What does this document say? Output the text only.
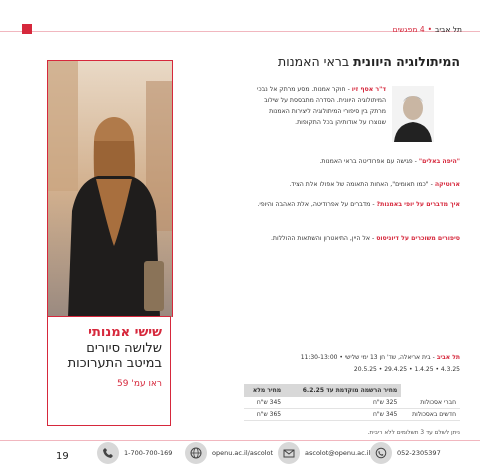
תל אביב•4 מפגשים
שישי אמנותי
שלושה סיורים
במיטב התערוכות
ראו עמ' 59
המיתולוגיה היוונית בראי האמנות
ד"ר אסף זיו - חוקר אמנות. מסע מרתק אל נבכי המיתולוגיה היוונית. הסדרה מתבססת על שילוב מרתק בין סיפורי המיתולוגיה ליצירות האמנות שנוצרו על אודותיהן בכל התקופות.
"היפה באלים" - פגישה עם אפרודיטה בראי האמנות.
ארוטיקה - "כמו תאומים", האחות התאומה של אפולו אלת הציד.
איך מדברים על יופי באמנות? - מדברים על אפרודיטה, אלת האהבה והיופי.
סיפורים משוכרים על דיוניסוס - אל היין, התיאטרון והשתאות ההוללות.
תל אביב - בית אריאלה, שד' חן 13 ימי שלישי • 11:30-13:00
4.3.25 • 1.4.25 • 29.4.25 • 20.5.25
	מחיר הרשמה מוקדמת עד 6.2.25	מחיר מלא
חברי אסכולות	325 ש"ח	345 ש"ח
חדשים באסכולות	345 ש"ח	365 ש"ח
ניתן לשלם עד 3 תשלומים ללא ריבית.
19	1-700-700-169	openu.ac.il/ascolot	ascolot@openu.ac.il	052-2305397
